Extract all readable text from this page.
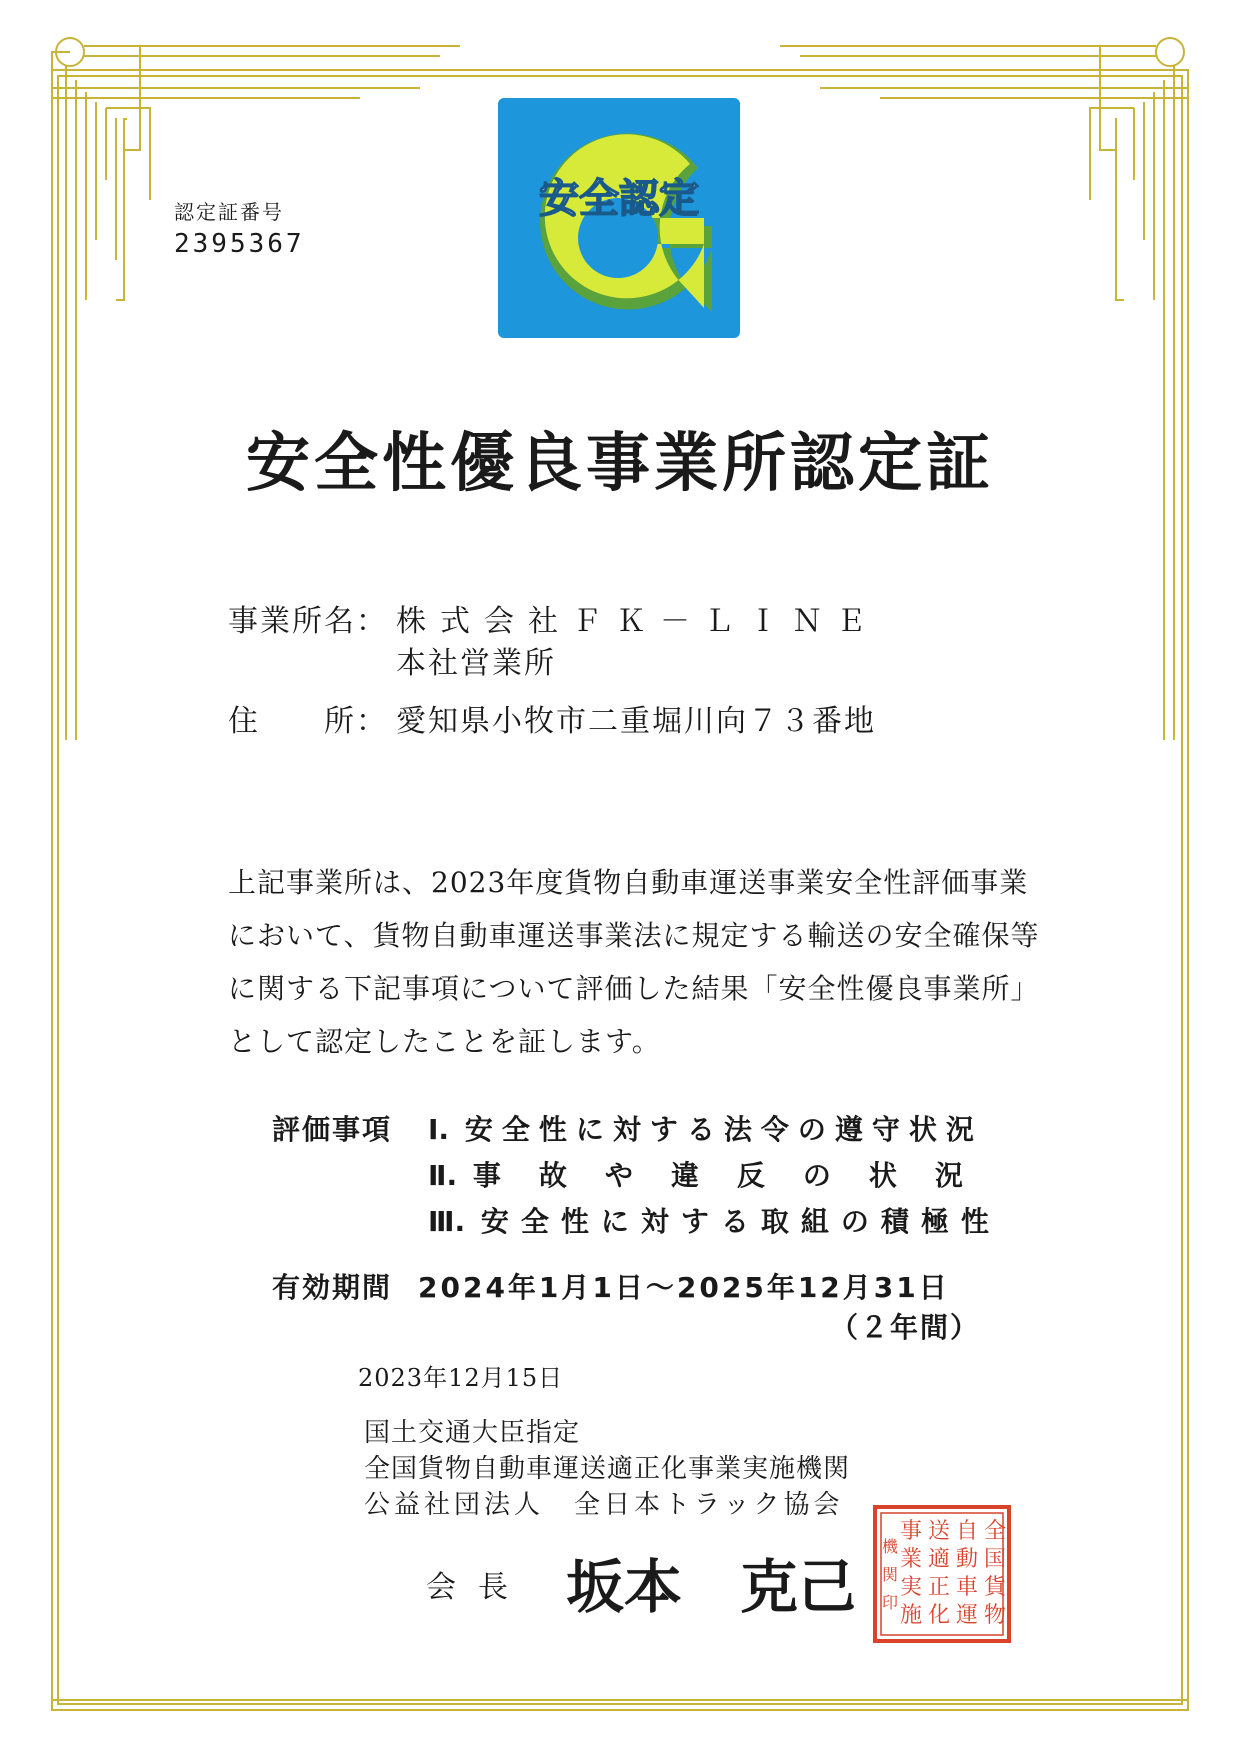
認定証番号
2395367
安全認定
安全性優良事業所認定証
事業所名： 株式会社ＦＫ－ＬＩＮＥ
本社営業所
住　　所： 愛知県小牧市二重堀川向７３番地

上記事業所は、2023年度貨物自動車運送事業安全性評価事業

において、貨物自動車運送事業法に規定する輸送の安全確保等

に関する下記事項について評価した結果「安全性優良事業所」

として認定したことを証します。

評価事項 Ⅰ. 安全性に対する法令の遵守状況
Ⅱ. 事故や違反の状況
Ⅲ. 安全性に対する取組の積極性
有効期間 2024年1月1日～2025年12月31日
（２年間）
2023年12月15日
国土交通大臣指定
全国貨物自動車運送適正化事業実施機関
公益社団法人　全日本トラック協会
会長 坂本　克己
全
国
貨
物
自
動
車
運
送
適
正
化
事
業
実
施
機
関
印
